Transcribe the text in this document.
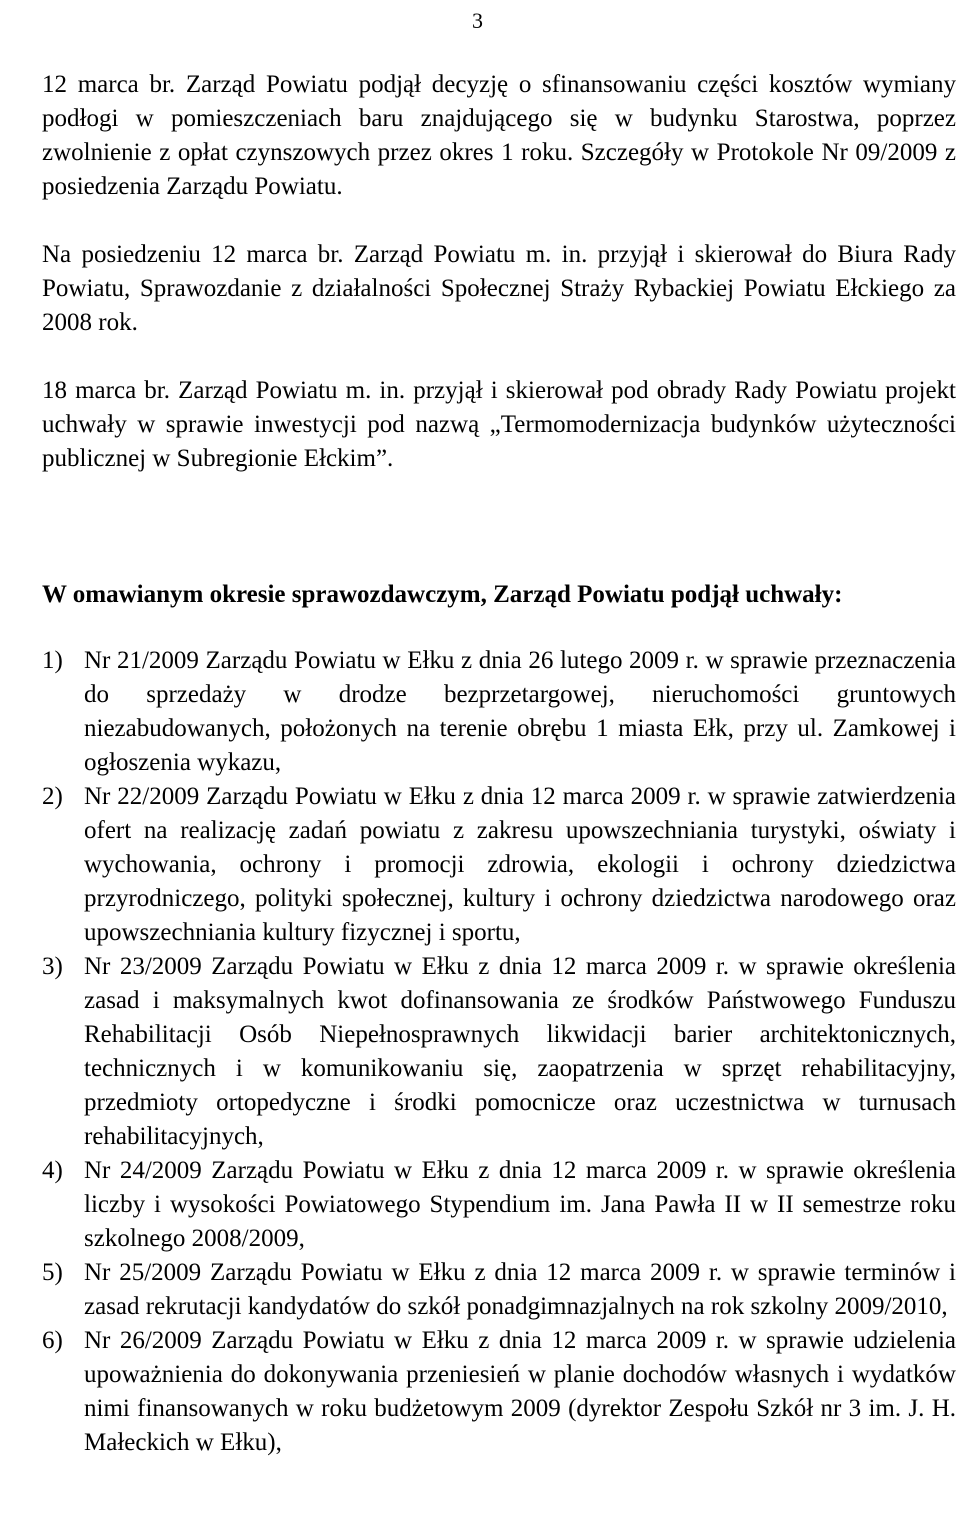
3

12 marca br. Zarząd Powiatu podjął decyzję o sfinansowaniu części kosztów wymiany podłogi w pomieszczeniach baru znajdującego się w budynku Starostwa, poprzez zwolnienie z opłat czynszowych przez okres 1 roku. Szczegóły w Protokole Nr 09/2009 z posiedzenia Zarządu Powiatu.

Na posiedzeniu 12 marca br. Zarząd Powiatu m. in. przyjął i skierował do Biura Rady Powiatu, Sprawozdanie z działalności Społecznej Straży Rybackiej Powiatu Ełckiego za 2008 rok.

18 marca br. Zarząd Powiatu m. in. przyjął i skierował pod obrady Rady Powiatu projekt uchwały w sprawie inwestycji pod nazwą „Termomodernizacja budynków użyteczności publicznej w Subregionie Ełckim”.

W omawianym okresie sprawozdawczym, Zarząd Powiatu podjął uchwały:

1) Nr 21/2009 Zarządu Powiatu w Ełku z dnia 26 lutego 2009 r. w sprawie przeznaczenia do sprzedaży w drodze bezprzetargowej, nieruchomości gruntowych niezabudowanych, położonych na terenie obrębu 1 miasta Ełk, przy ul. Zamkowej i ogłoszenia wykazu,
2) Nr 22/2009 Zarządu Powiatu w Ełku z dnia 12 marca 2009 r. w sprawie zatwierdzenia ofert na realizację zadań powiatu z zakresu upowszechniania turystyki, oświaty i wychowania, ochrony i promocji zdrowia, ekologii i ochrony dziedzictwa przyrodniczego, polityki społecznej, kultury i ochrony dziedzictwa narodowego oraz upowszechniania kultury fizycznej i sportu,
3) Nr 23/2009 Zarządu Powiatu w Ełku z dnia 12 marca 2009 r. w sprawie określenia zasad i maksymalnych kwot dofinansowania ze środków Państwowego Funduszu Rehabilitacji Osób Niepełnosprawnych likwidacji barier architektonicznych, technicznych i w komunikowaniu się, zaopatrzenia w sprzęt rehabilitacyjny, przedmioty ortopedyczne i środki pomocnicze oraz uczestnictwa w turnusach rehabilitacyjnych,
4) Nr 24/2009 Zarządu Powiatu w Ełku z dnia 12 marca 2009 r. w sprawie określenia liczby i wysokości Powiatowego Stypendium im. Jana Pawła II w II semestrze roku szkolnego 2008/2009,
5) Nr 25/2009 Zarządu Powiatu w Ełku z dnia 12 marca 2009 r. w sprawie terminów i zasad rekrutacji kandydatów do szkół ponadgimnazjalnych na rok szkolny 2009/2010,
6) Nr 26/2009 Zarządu Powiatu w Ełku z dnia 12 marca 2009 r. w sprawie udzielenia upoważnienia do dokonywania przeniesień w planie dochodów własnych i wydatków nimi finansowanych w roku budżetowym 2009 (dyrektor Zespołu Szkół nr 3 im. J. H. Małeckich w Ełku),
